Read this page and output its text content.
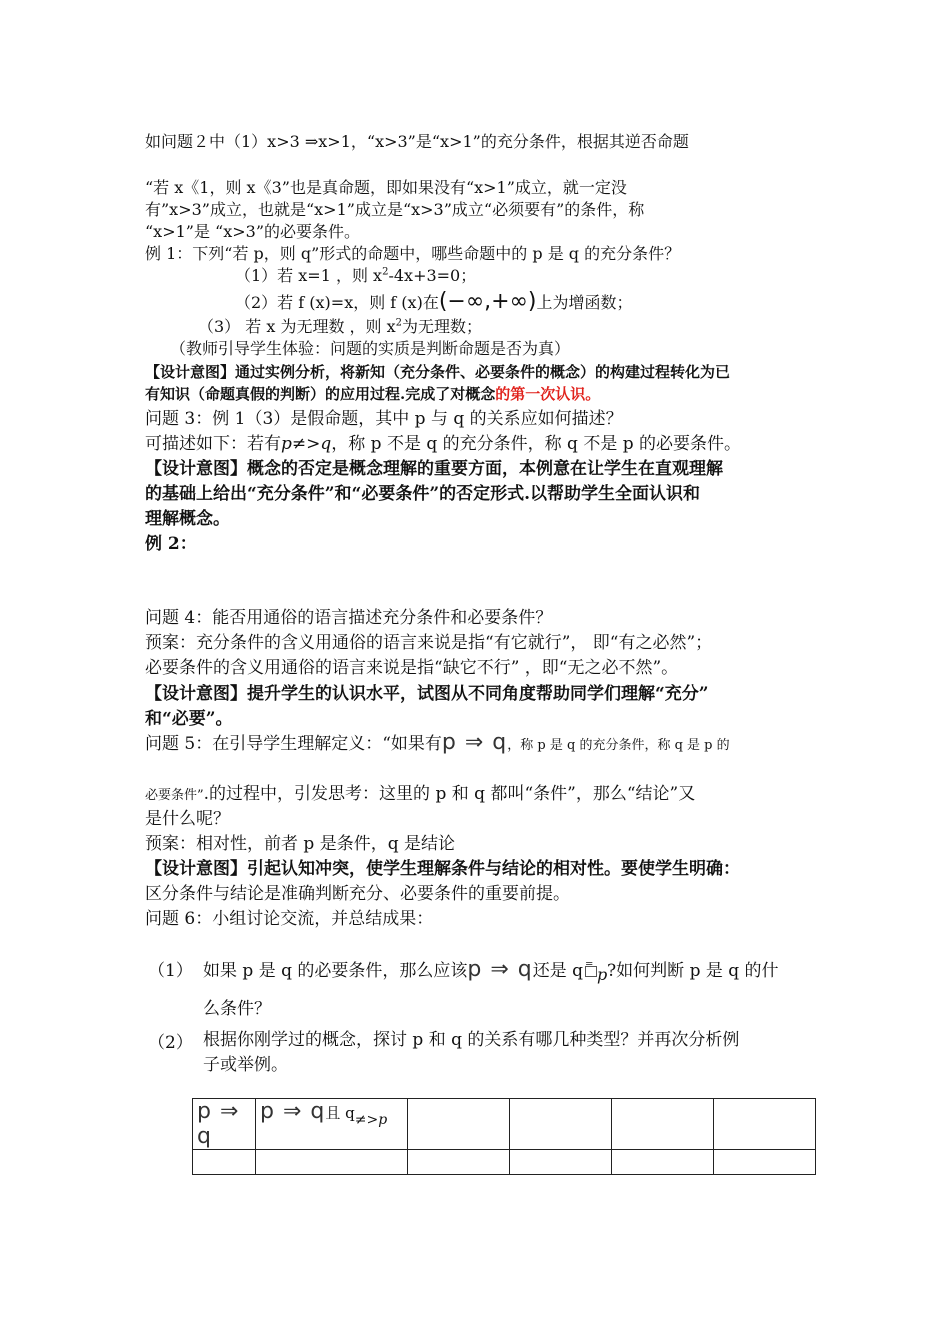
如问题２中（1）x>3 ⇒x>1，“x>3”是“x>1”的充分条件，根据其逆否命题
“若 x《1，则 x《3”也是真命题，即如果没有“x>1”成立，就一定没
有”x>3”成立，也就是“x>1”成立是“x>3”成立“必须要有”的条件，称
“x>1”是 “x>3”的必要条件。
例 1：下列“若 p，则 q”形式的命题中，哪些命题中的 p 是 q 的充分条件？
（1）若 x=1 ，则 $x^2-4x+3=0$；
（2）若 f (x)=x，则 f (x)在(−∞,+∞)上为增函数；
（3） 若 x 为无理数 ，则 $x^2$为无理数；
（教师引导学生体验：问题的实质是判断命题是否为真）
【设计意图】通过实例分析，将新知（充分条件、必要条件的概念）的构建过程转化为已
有知识（命题真假的判断）的应用过程.完成了对概念的第一次认识。
问题 3：例 1（3）是假命题，其中 p 与 q 的关系应如何描述？
可描述如下：若有p≠>q，称 p 不是 q 的充分条件，称 q 不是 p 的必要条件。
【设计意图】概念的否定是概念理解的重要方面，本例意在让学生在直观理解
的基础上给出“充分条件”和“必要条件”的否定形式.以帮助学生全面认识和
理解概念。
例 2：
问题 4：能否用通俗的语言描述充分条件和必要条件？
预案：充分条件的含义用通俗的语言来说是指“有它就行”， 即“有之必然”；
必要条件的含义用通俗的语言来说是指“缺它不行” ，即“无之必不然”。
【设计意图】提升学生的认识水平，试图从不同角度帮助同学们理解“充分”
和“必要”。
问题 5：在引导学生理解定义：“如果有p ⇒ q，称 p 是 q 的充分条件，称 q 是 p 的
必要条件”.的过程中，引发思考：这里的 p 和 q 都叫“条件”，那么“结论”又
是什么呢？
预案：相对性，前者 p 是条件，q 是结论
【设计意图】引起认知冲突，使学生理解条件与结论的相对性。要使学生明确：
区分条件与结论是准确判断充分、必要条件的重要前提。
问题 6：小组讨论交流，并总结成果：
（1） 如果 p 是 q 的必要条件，那么应该p ⇒ q还是 q =
p ?如何判断 p 是 q 的什
么条件？
（2） 根据你刚学过的概念，探讨 p 和 q 的关系有哪几种类型？并再次分析例
子或举例。
p ⇒ q	p ⇒ q且 q≠>p				
